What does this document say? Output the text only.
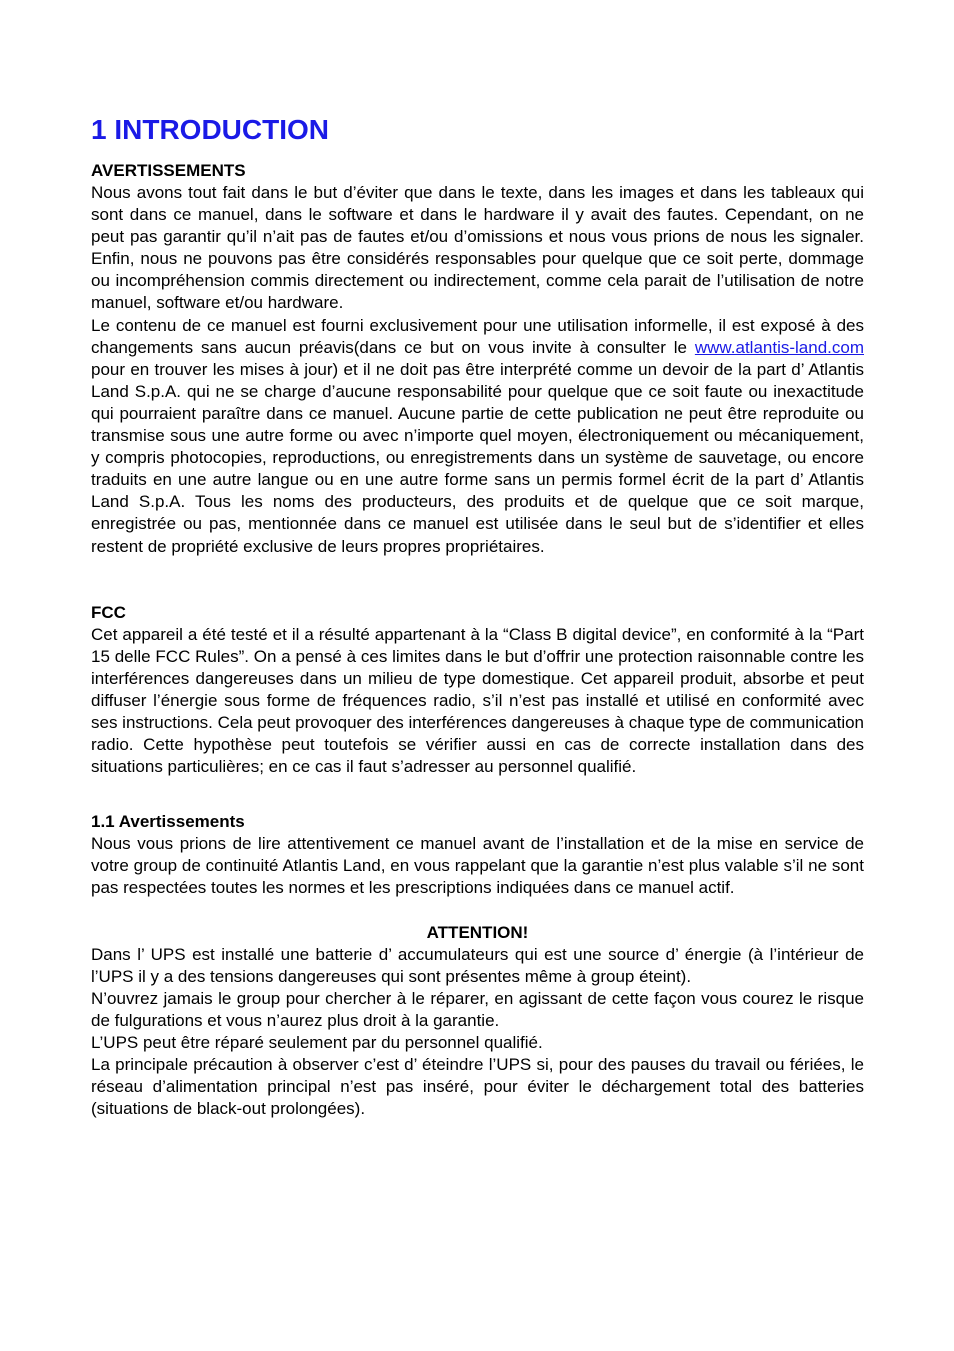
1 INTRODUCTION
AVERTISSEMENTS

Nous avons tout fait dans le but d’éviter que dans le texte, dans les images et dans les tableaux qui sont dans ce manuel, dans le software et dans le hardware il y avait des fautes. Cependant, on ne peut pas garantir qu’il n’ait pas de fautes et/ou d’omissions et nous vous prions de nous les signaler. Enfin, nous ne pouvons pas être considérés responsables pour quelque que ce soit perte, dommage ou incompréhension commis directement ou indirectement, comme cela parait de l’utilisation de notre manuel, software et/ou hardware.

Le contenu de ce manuel est fourni exclusivement pour une utilisation informelle, il est exposé à des changements sans aucun préavis(dans ce but on vous invite à consulter le www.atlantis-land.com pour en trouver les mises à jour) et il ne doit pas être interprété comme un devoir de la part d’ Atlantis Land S.p.A. qui ne se charge d’aucune responsabilité pour quelque que ce soit faute ou inexactitude qui pourraient paraître dans ce manuel. Aucune partie de cette publication ne peut être reproduite ou transmise sous une autre forme ou avec n’importe quel moyen, électroniquement ou mécaniquement, y compris photocopies, reproductions, ou enregistrements dans un système de sauvetage, ou encore traduits en une autre langue ou en une autre forme sans un permis formel écrit de la part d’ Atlantis Land S.p.A. Tous les noms des producteurs, des produits et de quelque que ce soit marque, enregistrée ou pas, mentionnée dans ce manuel est utilisée dans le seul but de s’identifier et elles restent de propriété exclusive de leurs propres propriétaires.

FCC

Cet appareil a été testé et il a résulté appartenant à la “Class B digital device”, en conformité à la “Part 15 delle FCC Rules”. On a pensé à ces limites dans le but d’offrir une protection raisonnable contre les interférences dangereuses dans un milieu de type domestique. Cet appareil produit, absorbe et peut diffuser l’énergie sous forme de fréquences radio, s’il n’est pas installé et utilisé en conformité avec ses instructions. Cela peut provoquer des interférences dangereuses à chaque type de communication radio. Cette hypothèse peut toutefois se vérifier aussi en cas de correcte installation dans des situations particulières; en ce cas il faut s’adresser au personnel qualifié.

1.1 Avertissements

Nous vous prions de lire attentivement ce manuel avant de l’installation et de la mise en service de votre group de continuité Atlantis Land, en vous rappelant que la garantie n’est plus valable s’il ne sont pas respectées toutes les normes et les prescriptions indiquées dans ce manuel actif.

ATTENTION!

Dans l’ UPS est installé une batterie d’ accumulateurs qui est une source d’ énergie (à l’intérieur de l’UPS il y a des tensions dangereuses qui sont présentes même à group éteint).

N’ouvrez jamais le group pour chercher à le réparer, en agissant de cette façon vous courez le risque de fulgurations et vous n’aurez plus droit à la garantie.

L’UPS peut être réparé seulement par du personnel qualifié.

La principale précaution à observer c’est d’ éteindre l’UPS si, pour des pauses du travail ou fériées, le réseau d’alimentation principal n’est pas inséré, pour éviter le déchargement total des batteries (situations de black-out prolongées).
